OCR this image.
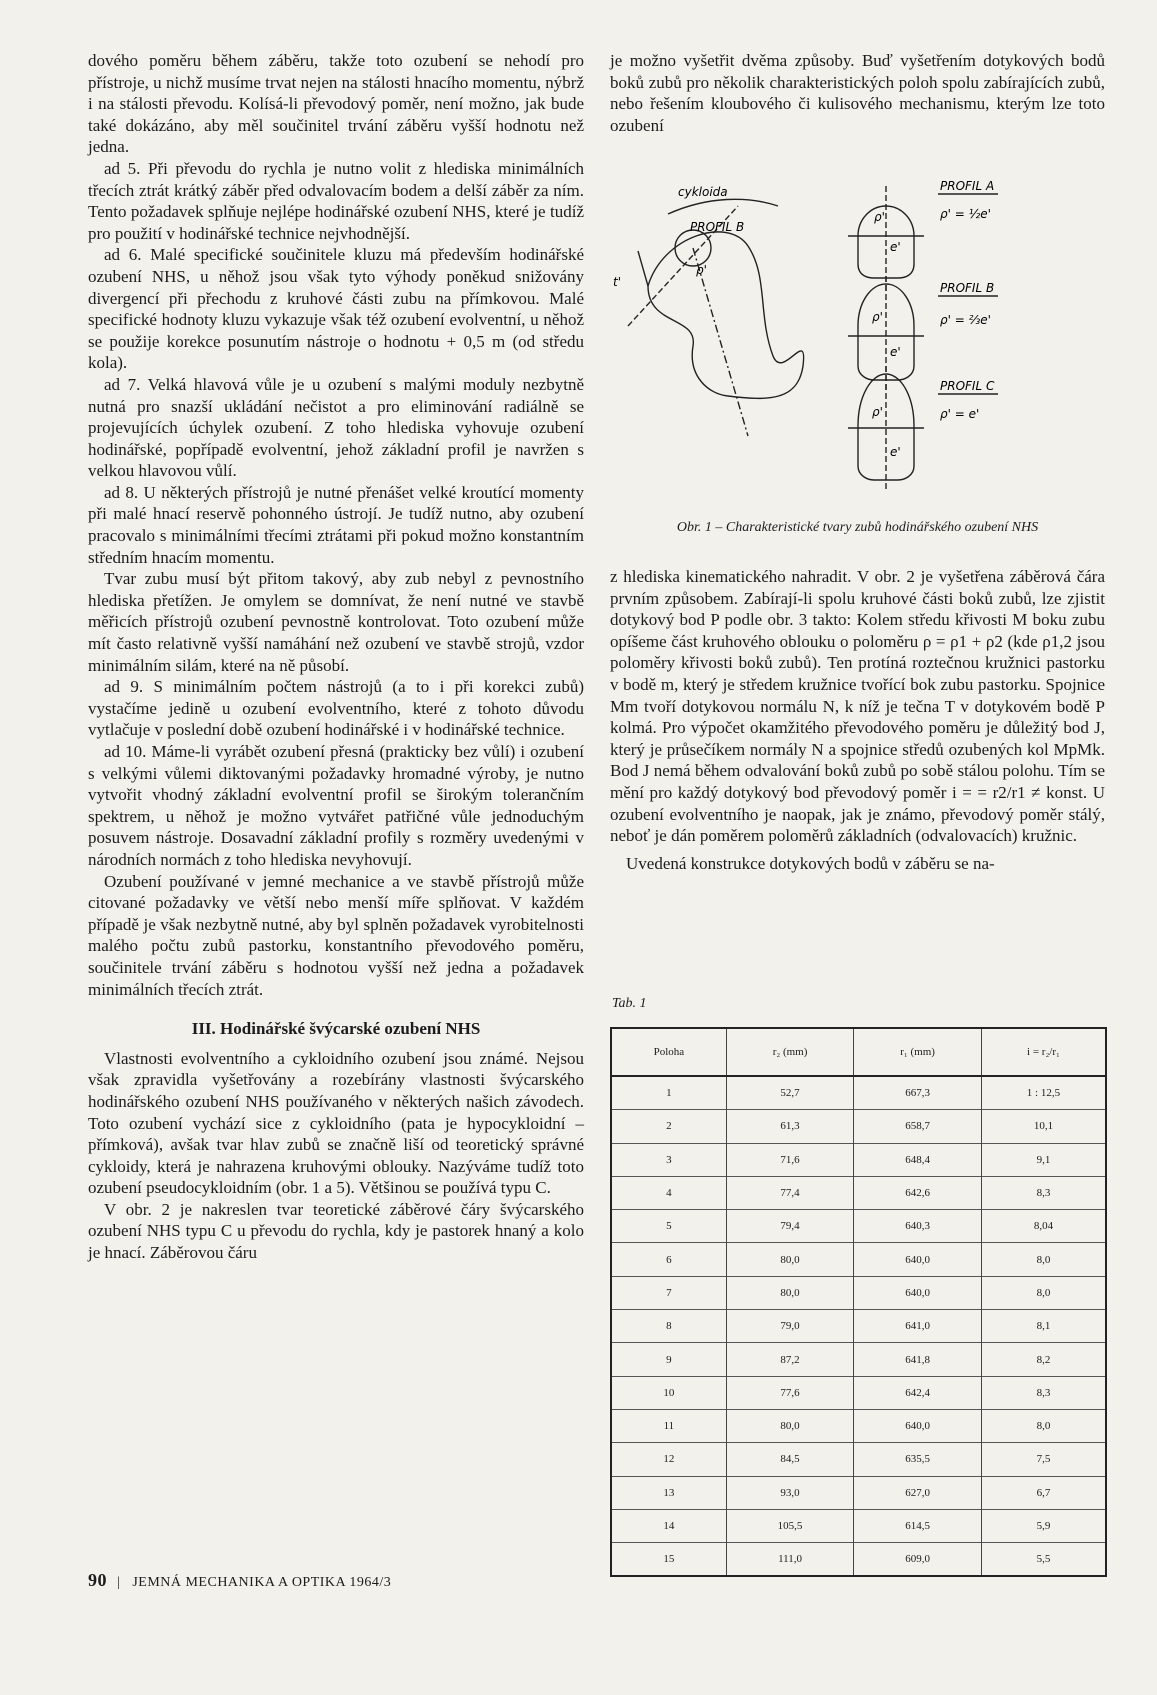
dového poměru během záběru, takže toto ozubení se nehodí pro přístroje, u nichž musíme trvat nejen na stálosti hnacího momentu, nýbrž i na stálosti převodu. Kolísá-li převodový poměr, není možno, jak bude také dokázáno, aby měl součinitel trvání záběru vyšší hodnotu než jedna.

ad 5. Při převodu do rychla je nutno volit z hlediska minimálních třecích ztrát krátký záběr před odvalovacím bodem a delší záběr za ním. Tento požadavek splňuje nejlépe hodinářské ozubení NHS, které je tudíž pro použití v hodinářské technice nejvhodnější.

ad 6. Malé specifické součinitele kluzu má především hodinářské ozubení NHS, u něhož jsou však tyto výhody poněkud snižovány divergencí při přechodu z kruhové části zubu na přímkovou. Malé specifické hodnoty kluzu vykazuje však též ozubení evolventní, u něhož se použije korekce posunutím nástroje o hodnotu + 0,5 m (od středu kola).

ad 7. Velká hlavová vůle je u ozubení s malými moduly nezbytně nutná pro snazší ukládání nečistot a pro eliminování radiálně se projevujících úchylek ozubení. Z toho hlediska vyhovuje ozubení hodinářské, popřípadě evolventní, jehož základní profil je navržen s velkou hlavovou vůlí.

ad 8. U některých přístrojů je nutné přenášet velké kroutící momenty při malé hnací reservě pohonného ústrojí. Je tudíž nutno, aby ozubení pracovalo s minimálními třecími ztrátami při pokud možno konstantním středním hnacím momentu.

Tvar zubu musí být přitom takový, aby zub nebyl z pevnostního hlediska přetížen. Je omylem se domnívat, že není nutné ve stavbě měřicích přístrojů ozubení pevnostně kontrolovat. Toto ozubení může mít často relativně vyšší namáhání než ozubení ve stavbě strojů, vzdor minimálním silám, které na ně působí.

ad 9. S minimálním počtem nástrojů (a to i při korekci zubů) vystačíme jedině u ozubení evolventního, které z tohoto důvodu vytlačuje v poslední době ozubení hodinářské i v hodinářské technice.

ad 10. Máme-li vyrábět ozubení přesná (prakticky bez vůlí) i ozubení s velkými vůlemi diktovanými požadavky hromadné výroby, je nutno vytvořit vhodný základní evolventní profil se širokým tolerančním spektrem, u něhož je možno vytvářet patřičné vůle jednoduchým posuvem nástroje. Dosavadní základní profily s rozměry uvedenými v národních normách z toho hlediska nevyhovují.

Ozubení používané v jemné mechanice a ve stavbě přístrojů může citované požadavky ve větší nebo menší míře splňovat. V každém případě je však nezbytně nutné, aby byl splněn požadavek vyrobitelnosti malého počtu zubů pastorku, konstantního převodového poměru, součinitele trvání záběru s hodnotou vyšší než jedna a požadavek minimálních třecích ztrát.

III. Hodinářské švýcarské ozubení NHS

Vlastnosti evolventního a cykloidního ozubení jsou známé. Nejsou však zpravidla vyšetřovány a rozebírány vlastnosti švýcarského hodinářského ozubení NHS používaného v některých našich závodech. Toto ozubení vychází sice z cykloidního (pata je hypocykloidní – přímková), avšak tvar hlav zubů se značně liší od teoretický správné cykloidy, která je nahrazena kruhovými oblouky. Nazýváme tudíž toto ozubení pseudocykloidním (obr. 1 a 5). Většinou se používá typu C.

V obr. 2 je nakreslen tvar teoretické záběrové čáry švýcarského ozubení NHS typu C u převodu do rychla, kdy je pastorek hnaný a kolo je hnací. Záběrovou čáru

je možno vyšetřit dvěma způsoby. Buď vyšetřením dotykových bodů boků zubů pro několik charakteristických poloh spolu zabírajících zubů, nebo řešením kloubového či kulisového mechanismu, kterým lze toto ozubení

cykloida
PROFIL B
ρ'
t'
PROFIL A
ρ' = ½e'
ρ'
e'
PROFIL B
ρ' = ⅔e'
ρ'
e'
PROFIL C
ρ' = e'
ρ'
e'
Obr. 1 – Charakteristické tvary zubů hodinářského ozubení NHS

z hlediska kinematického nahradit. V obr. 2 je vyšetřena záběrová čára prvním způsobem. Zabírají-li spolu kruhové části boků zubů, lze zjistit dotykový bod P podle obr. 3 takto: Kolem středu křivosti M boku zubu opíšeme část kruhového oblouku o poloměru ρ = ρ1 + ρ2 (kde ρ1,2 jsou poloměry křivosti boků zubů). Ten protíná roztečnou kružnici pastorku v bodě m, který je středem kružnice tvořící bok zubu pastorku. Spojnice Mm tvoří dotykovou normálu N, k níž je tečna T v dotykovém bodě P kolmá. Pro výpočet okamžitého převodového poměru je důležitý bod J, který je průsečíkem normály N a spojnice středů ozubených kol MpMk. Bod J nemá během odvalování boků zubů po sobě stálou polohu. Tím se mění pro každý dotykový bod převodový poměr i = = r2/r1 ≠ konst. U ozubení evolventního je naopak, jak je známo, převodový poměr stálý, neboť je dán poměrem poloměrů základních (odvalovacích) kružnic.

Uvedená konstrukce dotykových bodů v záběru se na-

Tab. 1
Poloha	r₂ (mm)	r₁ (mm)	i = r₂/r₁
1	52,7	667,3	1 : 12,5
2	61,3	658,7	10,1
3	71,6	648,4	9,1
4	77,4	642,6	8,3
5	79,4	640,3	8,04
6	80,0	640,0	8,0
7	80,0	640,0	8,0
8	79,0	641,0	8,1
9	87,2	641,8	8,2
10	77,6	642,4	8,3
11	80,0	640,0	8,0
12	84,5	635,5	7,5
13	93,0	627,0	6,7
14	105,5	614,5	5,9
15	111,0	609,0	5,5
90 | JEMNÁ MECHANIKA A OPTIKA 1964/3
